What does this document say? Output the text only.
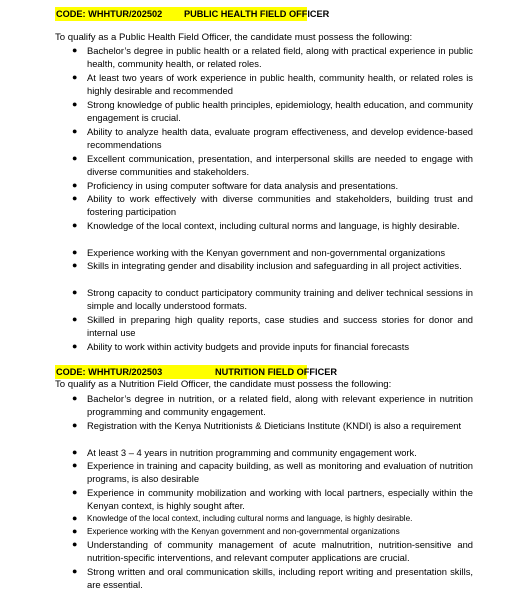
CODE: WHHTUR/202502 PUBLIC HEALTH FIELD OFFICER
To qualify as a Public Health Field Officer, the candidate must possess the following:
● Bachelor’s degree in public health or a related field, along with practical experience in public health, community health, or related roles.
● At least two years of work experience in public health, community health, or related roles is highly desirable and recommended
● Strong knowledge of public health principles, epidemiology, health education, and community engagement is crucial.
● Ability to analyze health data, evaluate program effectiveness, and develop evidence-based recommendations
● Excellent communication, presentation, and interpersonal skills are needed to engage with diverse communities and stakeholders.
● Proficiency in using computer software for data analysis and presentations.
● Ability to work effectively with diverse communities and stakeholders, building trust and fostering participation
● Knowledge of the local context, including cultural norms and language, is highly desirable.
● Experience working with the Kenyan government and non-governmental organizations
● Skills in integrating gender and disability inclusion and safeguarding in all project activities.
● Strong capacity to conduct participatory community training and deliver technical sessions in simple and locally understood formats.
● Skilled in preparing high quality reports, case studies and success stories for donor and internal use
● Ability to work within activity budgets and provide inputs for financial forecasts
CODE: WHHTUR/202503	NUTRITION FIELD OFFICER
To qualify as a Nutrition Field Officer, the candidate must possess the following:
● Bachelor’s degree in nutrition, or a related field, along with relevant experience in nutrition programming and community engagement.
● Registration with the Kenya Nutritionists & Dieticians Institute (KNDI) is also a requirement
● At least 3 – 4 years in nutrition programming and community engagement work.
● Experience in training and capacity building, as well as monitoring and evaluation of nutrition programs, is also desirable
● Experience in community mobilization and working with local partners, especially within the Kenyan context, is highly sought after.
● Knowledge of the local context, including cultural norms and language, is highly desirable.
● Experience working with the Kenyan government and non-governmental organizations
● Understanding of community management of acute malnutrition, nutrition-sensitive and nutrition-specific interventions, and relevant computer applications are crucial.
● Strong written and oral communication skills, including report writing and presentation skills, are essential.
